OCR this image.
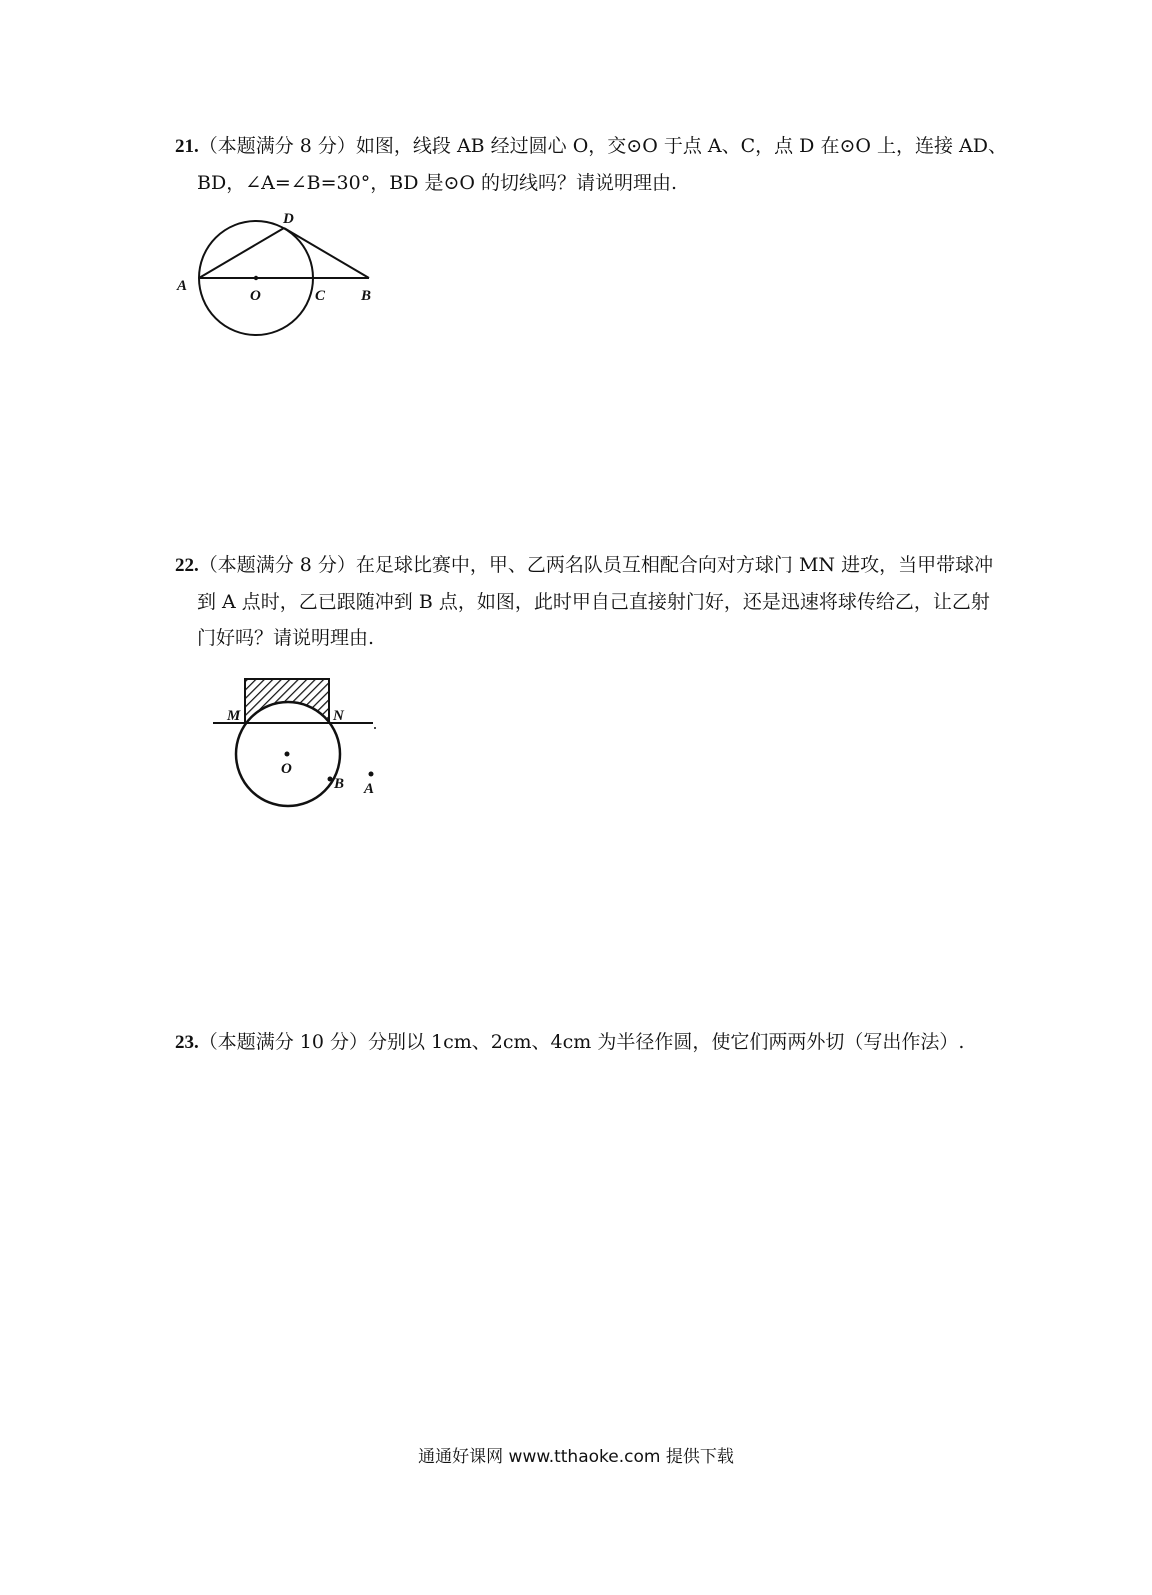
21.（本题满分 8 分）如图，线段 AB 经过圆心 O，交⊙O 于点 A、C，点 D 在⊙O 上，连接 AD、
BD，∠A=∠B=30°，BD 是⊙O 的切线吗？请说明理由.
A
O	C B
D
22.（本题满分 8 分）在足球比赛中，甲、乙两名队员互相配合向对方球门 MN 进攻，当甲带球冲
到 A 点时，乙已跟随冲到 B 点，如图，此时甲自己直接射门好，还是迅速将球传给乙，让乙射
门好吗？请说明理由.
M	N
O
B A
23.（本题满分 10 分）分别以 1cm、2cm、4cm 为半径作圆，使它们两两外切（写出作法）.
通通好课网 www.tthaoke.com 提供下载
